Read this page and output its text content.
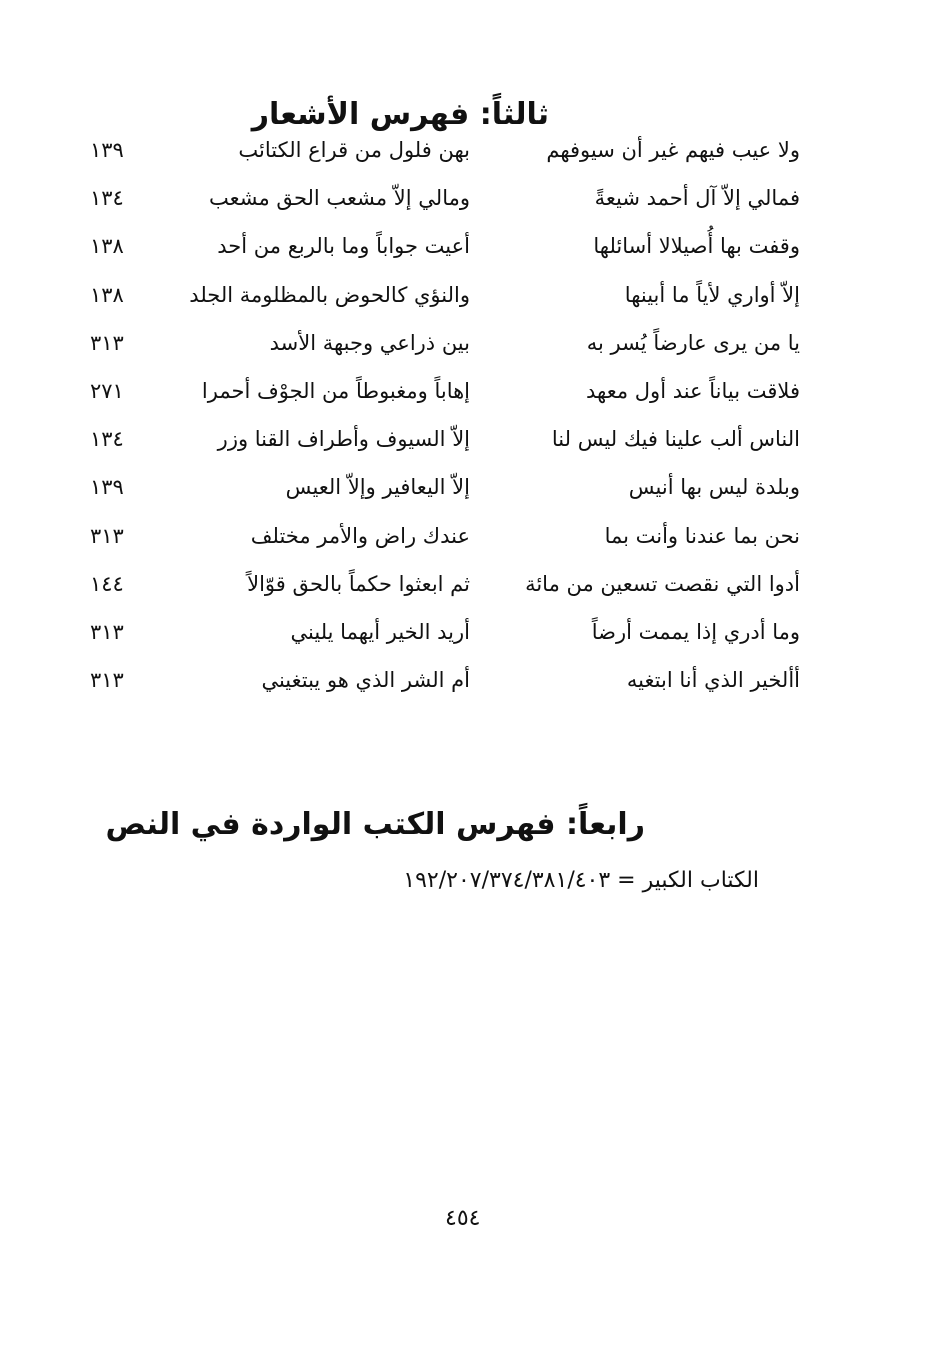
ثالثاً: فهرس الأشعار
ولا عيب فيهم غير أن سيوفهم
بهن فلول من قراع الكتائب
١٣٩
فمالي إلاّ آل أحمد شيعةً
ومالي إلاّ مشعب الحق مشعب
١٣٤
وقفت بها أُصيلالا أسائلها
أعيت جواباً وما بالربع من أحد
١٣٨
إلاّ أواري لأياً ما أبينها
والنؤي كالحوض بالمظلومة الجلد
١٣٨
يا من يرى عارضاً يُسر به
بين ذراعي وجبهة الأسد
٣١٣
فلاقت بياناً عند أول معهد
إهاباً ومغبوطاً من الجوْف أحمرا
٢٧١
الناس ألب علينا فيك ليس لنا
إلاّ السيوف وأطراف القنا وزر
١٣٤
وبلدة ليس بها أنيس
إلاّ اليعافير وإلاّ العيس
١٣٩
نحن بما عندنا وأنت بما
عندك راض والأمر مختلف
٣١٣
أدوا التي نقصت تسعين من مائة
ثم ابعثوا حكماً بالحق قوّالاً
١٤٤
وما أدري إذا يممت أرضاً
أريد الخير أيهما يليني
٣١٣
أألخير الذي أنا ابتغيه
أم الشر الذي هو يبتغيني
٣١٣
رابعاً: فهرس الكتب الواردة في النص
الكتاب الكبير = ١٩٢/٢٠٧/٣٧٤/٣٨١/٤٠٣
٤٥٤
